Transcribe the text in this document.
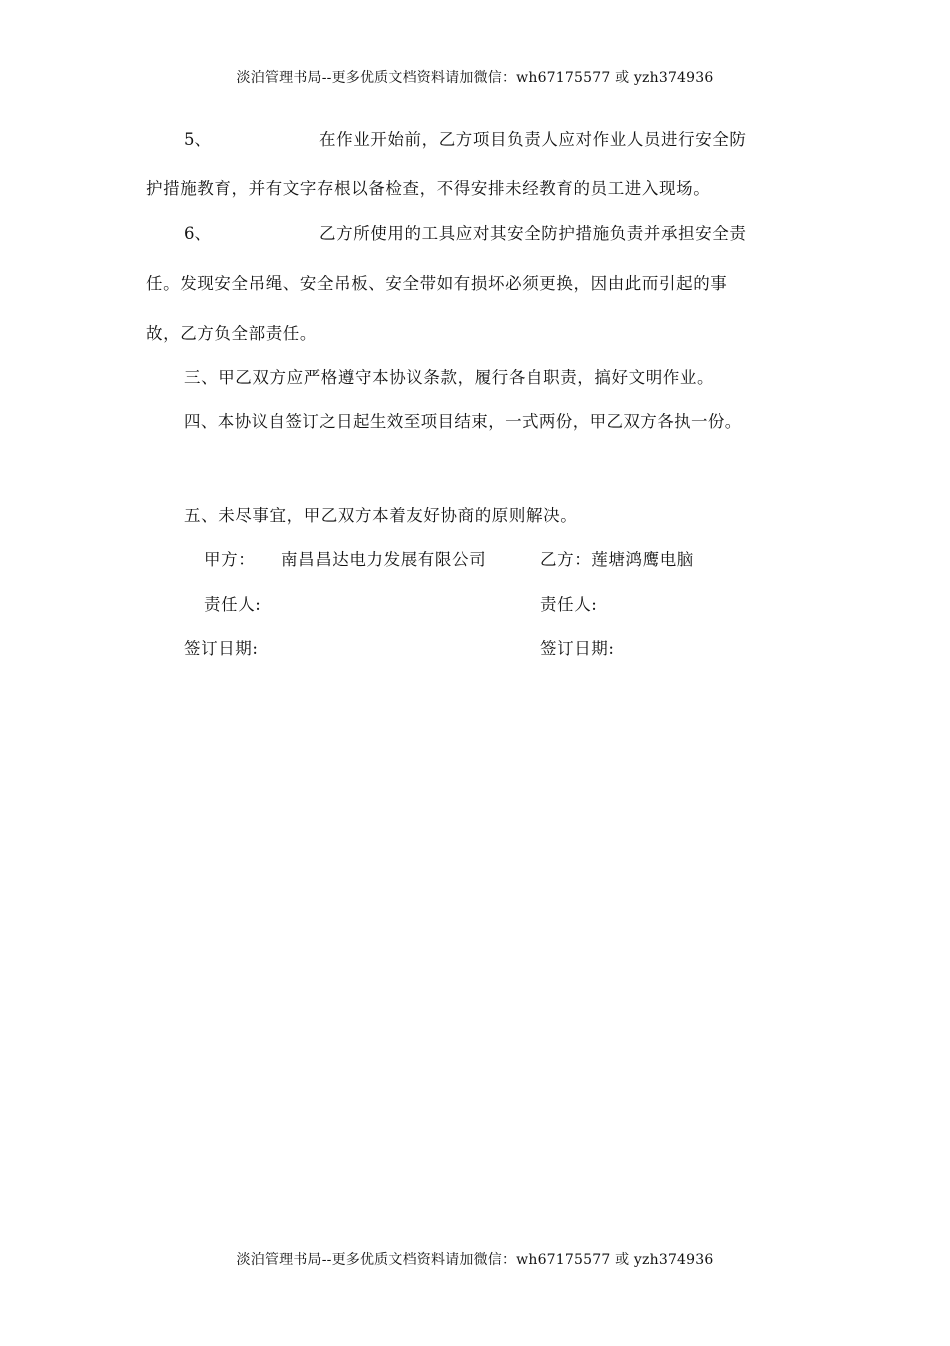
淡泊管理书局--更多优质文档资料请加微信：wh67175577 或 yzh374936
5、	在作业开始前，乙方项目负责人应对作业人员进行安全防
护措施教育，并有文字存根以备检查，不得安排未经教育的员工进入现场。
6、	乙方所使用的工具应对其安全防护措施负责并承担安全责
任。发现安全吊绳、安全吊板、安全带如有损坏必须更换，因由此而引起的事
故，乙方负全部责任。
三、甲乙双方应严格遵守本协议条款，履行各自职责，搞好文明作业。
四、本协议自签订之日起生效至项目结束，一式两份，甲乙双方各执一份。
五、未尽事宜，甲乙双方本着友好协商的原则解决。
甲方： 南昌昌达电力发展有限公司	乙方：莲塘鸿鹰电脑
责任人:	责任人:
签订日期:	签订日期:
淡泊管理书局--更多优质文档资料请加微信：wh67175577 或 yzh374936
